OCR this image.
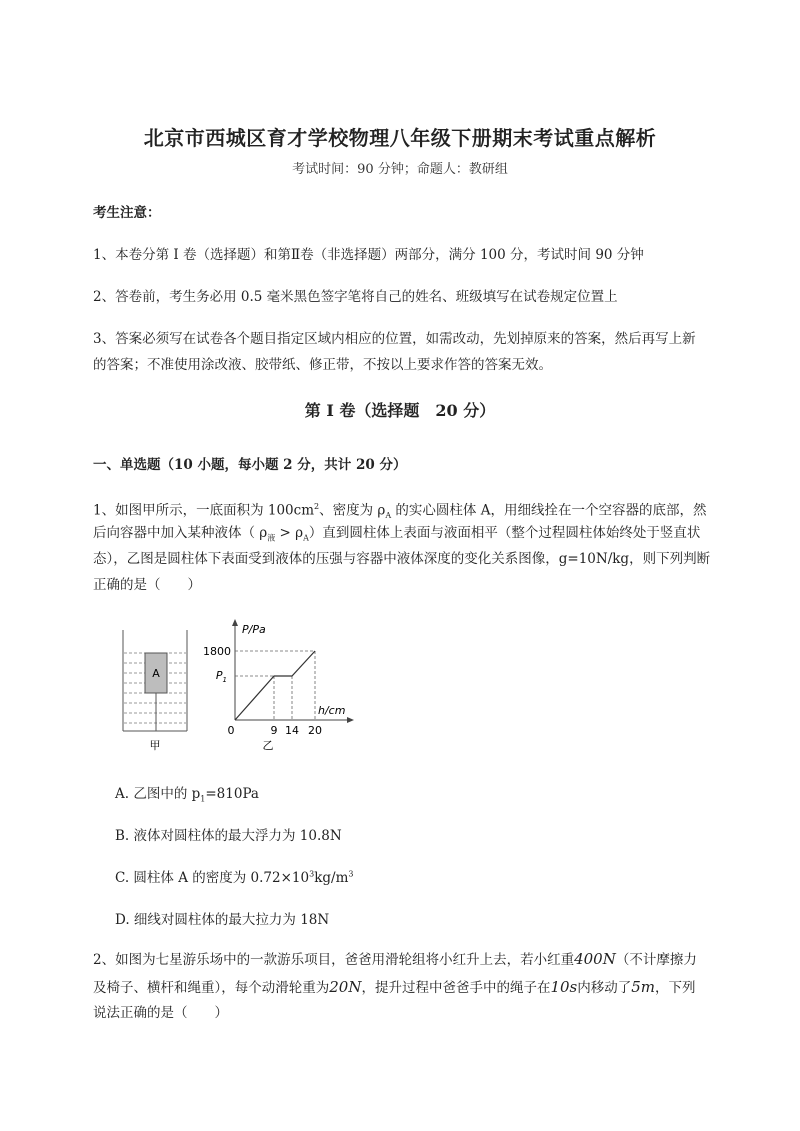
北京市西城区育才学校物理八年级下册期末考试重点解析
考试时间：90 分钟；命题人：教研组
考生注意：
1、本卷分第 I 卷（选择题）和第Ⅱ卷（非选择题）两部分，满分 100 分，考试时间 90 分钟
2、答卷前，考生务必用 0.5 毫米黑色签字笔将自己的姓名、班级填写在试卷规定位置上
3、答案必须写在试卷各个题目指定区域内相应的位置，如需改动，先划掉原来的答案，然后再写上新
的答案；不准使用涂改液、胶带纸、修正带，不按以上要求作答的答案无效。
第 I 卷（选择题　20 分）
一、单选题（10 小题，每小题 2 分，共计 20 分）
1、如图甲所示，一底面积为 $100cm^2$、密度为 $\rho_A$ 的实心圆柱体 A，用细线拴在一个空容器的底部，然
后向容器中加入某种液体（ $\rho_液 > \rho_A$）直到圆柱体上表面与液面相平（整个过程圆柱体始终处于竖直状
态），乙图是圆柱体下表面受到液体的压强与容器中液体深度的变化关系图像，g=10N/kg，则下列判断
正确的是（　　）
A
甲
P/Pa
h/cm
1800
$P_1$
0	9 14 20
乙
A. 乙图中的 $p_1=810Pa$
B. 液体对圆柱体的最大浮力为 10.8N
C. 圆柱体 A 的密度为 $0.72\times 10^3kg/m^3$
D. 细线对圆柱体的最大拉力为 18N
2、如图为七星游乐场中的一款游乐项目，爸爸用滑轮组将小红升上去，若小红重400N（不计摩擦力
及椅子、横杆和绳重），每个动滑轮重为20N，提升过程中爸爸手中的绳子在10s内移动了5m，下列
说法正确的是（　　）
